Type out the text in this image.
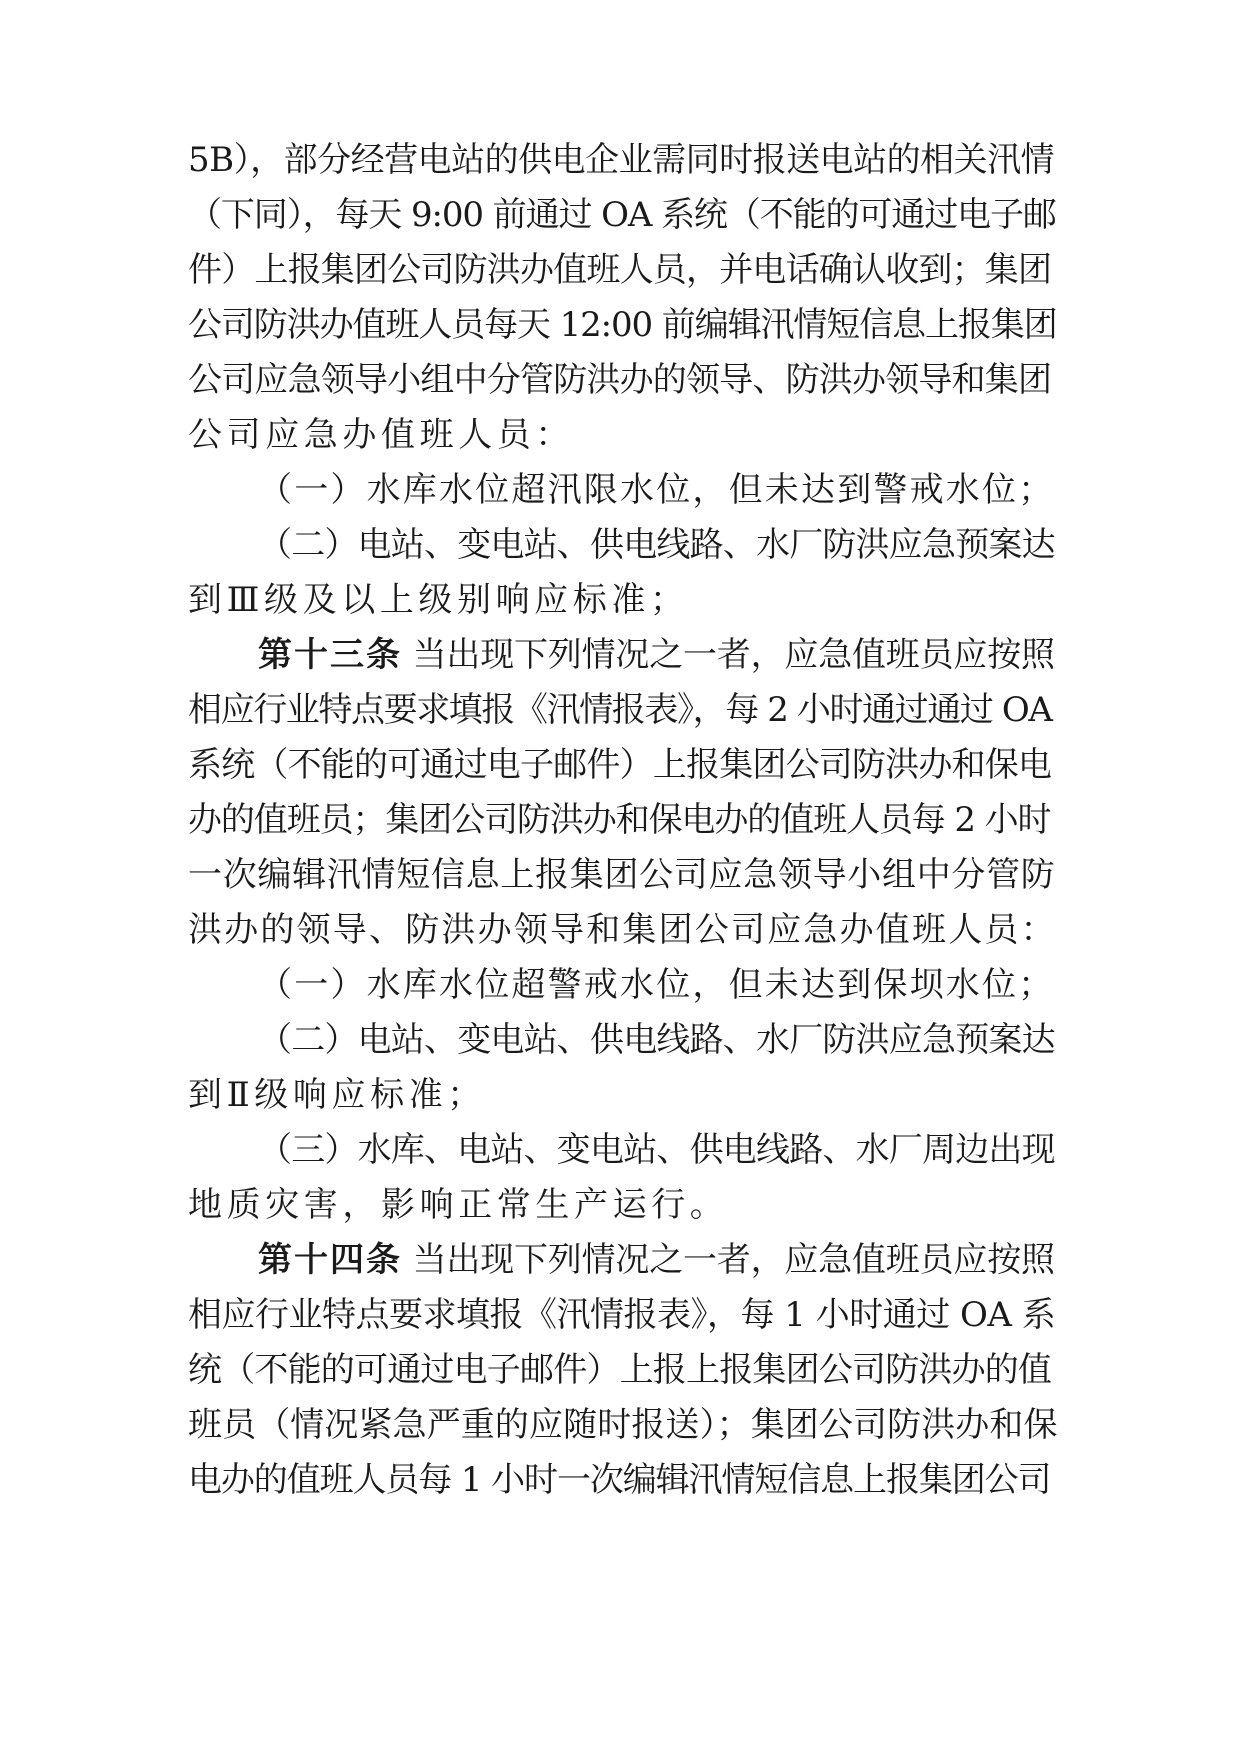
5B），部分经营电站的供电企业需同时报送电站的相关汛情
（下同），每天 9:00 前通过 OA 系统（不能的可通过电子邮
件）上报集团公司防洪办值班人员，并电话确认收到；集团
公司防洪办值班人员每天 12:00 前编辑汛情短信息上报集团
公司应急领导小组中分管防洪办的领导、防洪办领导和集团
公司应急办值班人员：
（一）水库水位超汛限水位，但未达到警戒水位；
（二）电站、变电站、供电线路、水厂防洪应急预案达
到Ⅲ级及以上级别响应标准；
第十三条 当出现下列情况之一者，应急值班员应按照
相应行业特点要求填报《汛情报表》，每 2 小时通过通过 OA
系统（不能的可通过电子邮件）上报集团公司防洪办和保电
办的值班员；集团公司防洪办和保电办的值班人员每 2 小时
一次编辑汛情短信息上报集团公司应急领导小组中分管防
洪办的领导、防洪办领导和集团公司应急办值班人员：
（一）水库水位超警戒水位，但未达到保坝水位；
（二）电站、变电站、供电线路、水厂防洪应急预案达
到Ⅱ级响应标准；
（三）水库、电站、变电站、供电线路、水厂周边出现
地质灾害，影响正常生产运行。
第十四条 当出现下列情况之一者，应急值班员应按照
相应行业特点要求填报《汛情报表》，每 1 小时通过 OA 系
统（不能的可通过电子邮件）上报上报集团公司防洪办的值
班员（情况紧急严重的应随时报送）；集团公司防洪办和保
电办的值班人员每 1 小时一次编辑汛情短信息上报集团公司
